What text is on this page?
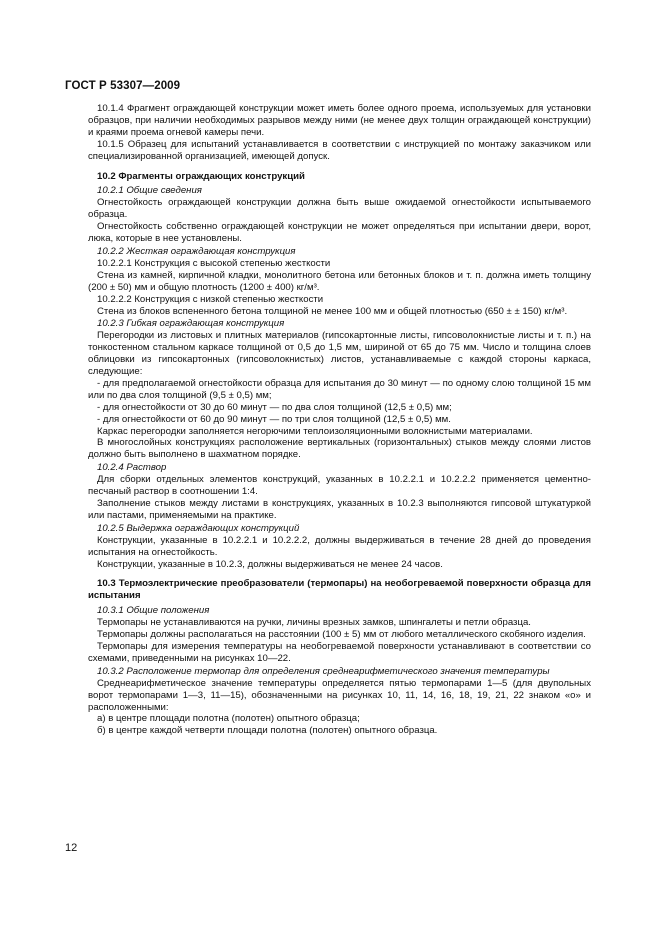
ГОСТ Р 53307—2009

10.1.4 Фрагмент ограждающей конструкции может иметь более одного проема, используемых для установки образцов, при наличии необходимых разрывов между ними (не менее двух толщин ограждающей конструкции) и краями проема огневой камеры печи.

10.1.5 Образец для испытаний устанавливается в соответствии с инструкцией по монтажу заказчиком или специализированной организацией, имеющей допуск.

10.2 Фрагменты ограждающих конструкций

10.2.1 Общие сведения

Огнестойкость ограждающей конструкции должна быть выше ожидаемой огнестойкости испытываемого образца.

Огнестойкость собственно ограждающей конструкции не может определяться при испытании двери, ворот, люка, которые в нее установлены.

10.2.2 Жесткая ограждающая конструкция

10.2.2.1 Конструкция с высокой степенью жесткости

Стена из камней, кирпичной кладки, монолитного бетона или бетонных блоков и т. п. должна иметь толщину (200 ± 50) мм и общую плотность (1200 ± 400) кг/м³.

10.2.2.2 Конструкция с низкой степенью жесткости

Стена из блоков вспененного бетона толщиной не менее 100 мм и общей плотностью (650 ± ± 150) кг/м³.

10.2.3 Гибкая ограждающая конструкция

Перегородки из листовых и плитных материалов (гипсокартонные листы, гипсоволокнистые листы и т. п.) на тонкостенном стальном каркасе толщиной от 0,5 до 1,5 мм, шириной от 65 до 75 мм. Число и толщина слоев облицовки из гипсокартонных (гипсоволокнистых) листов, устанавливаемые с каждой стороны каркаса, следующие:

- для предполагаемой огнестойкости образца для испытания до 30 минут — по одному слою толщиной 15 мм или по два слоя толщиной (9,5 ± 0,5) мм;

- для огнестойкости от 30 до 60 минут — по два слоя толщиной (12,5 ± 0,5) мм;

- для огнестойкости от 60 до 90 минут — по три слоя толщиной (12,5 ± 0,5) мм.

Каркас перегородки заполняется негорючими теплоизоляционными волокнистыми материалами.

В многослойных конструкциях расположение вертикальных (горизонтальных) стыков между слоями листов должно быть выполнено в шахматном порядке.

10.2.4 Раствор

Для сборки отдельных элементов конструкций, указанных в 10.2.2.1 и 10.2.2.2 применяется цементно-песчаный раствор в соотношении 1:4.

Заполнение стыков между листами в конструкциях, указанных в 10.2.3 выполняются гипсовой штукатуркой или пастами, применяемыми на практике.

10.2.5 Выдержка ограждающих конструкций

Конструкции, указанные в 10.2.2.1 и 10.2.2.2, должны выдерживаться в течение 28 дней до проведения испытания на огнестойкость.

Конструкции, указанные в 10.2.3, должны выдерживаться не менее 24 часов.

10.3 Термоэлектрические преобразователи (термопары) на необогреваемой поверхности образца для испытания

10.3.1 Общие положения

Термопары не устанавливаются на ручки, личины врезных замков, шпингалеты и петли образца.

Термопары должны располагаться на расстоянии (100 ± 5) мм от любого металлического скобяного изделия.

Термопары для измерения температуры на необогреваемой поверхности устанавливают в соответствии со схемами, приведенными на рисунках 10—22.

10.3.2 Расположение термопар для определения среднеарифметического значения температуры

Среднеарифметическое значение температуры определяется пятью термопарами 1—5 (для двупольных ворот термопарами 1—3, 11—15), обозначенными на рисунках 10, 11, 14, 16, 18, 19, 21, 22 знаком «о» и расположенными:

а) в центре площади полотна (полотен) опытного образца;

б) в центре каждой четверти площади полотна (полотен) опытного образца.

12
